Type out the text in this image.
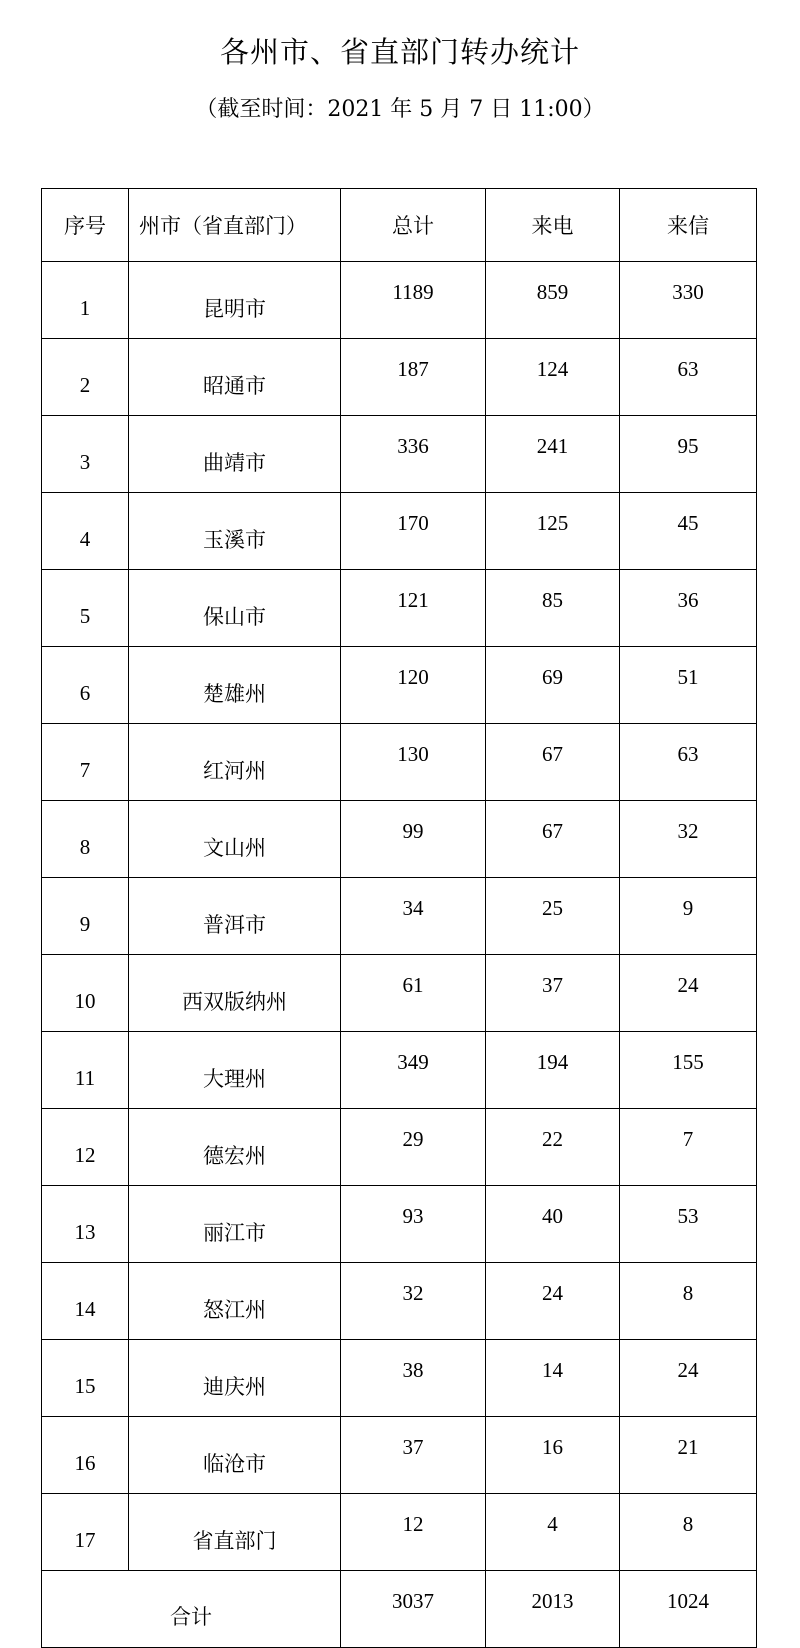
各州市、省直部门转办统计
（截至时间：2021 年 5 月 7 日 11:00）
序号	州市（省直部门）	总计	来电	来信
1	昆明市	1189	859	330
2	昭通市	187	124	63
3	曲靖市	336	241	95
4	玉溪市	170	125	45
5	保山市	121	85	36
6	楚雄州	120	69	51
7	红河州	130	67	63
8	文山州	99	67	32
9	普洱市	34	25	9
10	西双版纳州	61	37	24
11	大理州	349	194	155
12	德宏州	29	22	7
13	丽江市	93	40	53
14	怒江州	32	24	8
15	迪庆州	38	14	24
16	临沧市	37	16	21
17	省直部门	12	4	8
合计		3037	2013	1024
